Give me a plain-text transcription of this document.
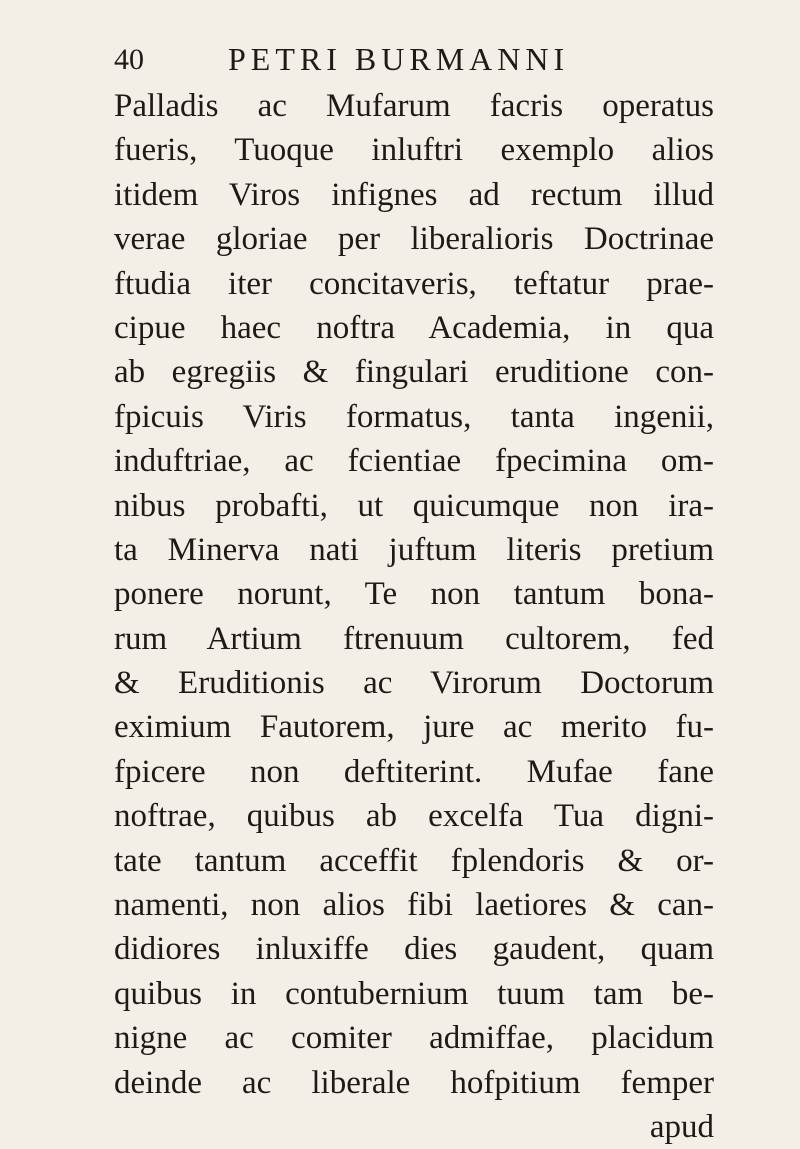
40	PETRI BURMANNI
Palladis ac Mufarum facris operatus
fueris, Tuoque inluftri exemplo alios
itidem Viros infignes ad rectum illud
verae gloriae per liberalioris Doctrinae
ftudia iter concitaveris, teftatur prae-
cipue haec noftra Academia, in qua
ab egregiis & fingulari eruditione con-
fpicuis Viris formatus, tanta ingenii,
induftriae, ac fcientiae fpecimina om-
nibus probafti, ut quicumque non ira-
ta Minerva nati juftum literis pretium
ponere norunt, Te non tantum bona-
rum Artium ftrenuum cultorem, fed
& Eruditionis ac Virorum Doctorum
eximium Fautorem, jure ac merito fu-
fpicere non deftiterint. Mufae fane
noftrae, quibus ab excelfa Tua digni-
tate tantum acceffit fplendoris & or-
namenti, non alios fibi laetiores & can-
didiores inluxiffe dies gaudent, quam
quibus in contubernium tuum tam be-
nigne ac comiter admiffae, placidum
deinde ac liberale hofpitium femper
apud
